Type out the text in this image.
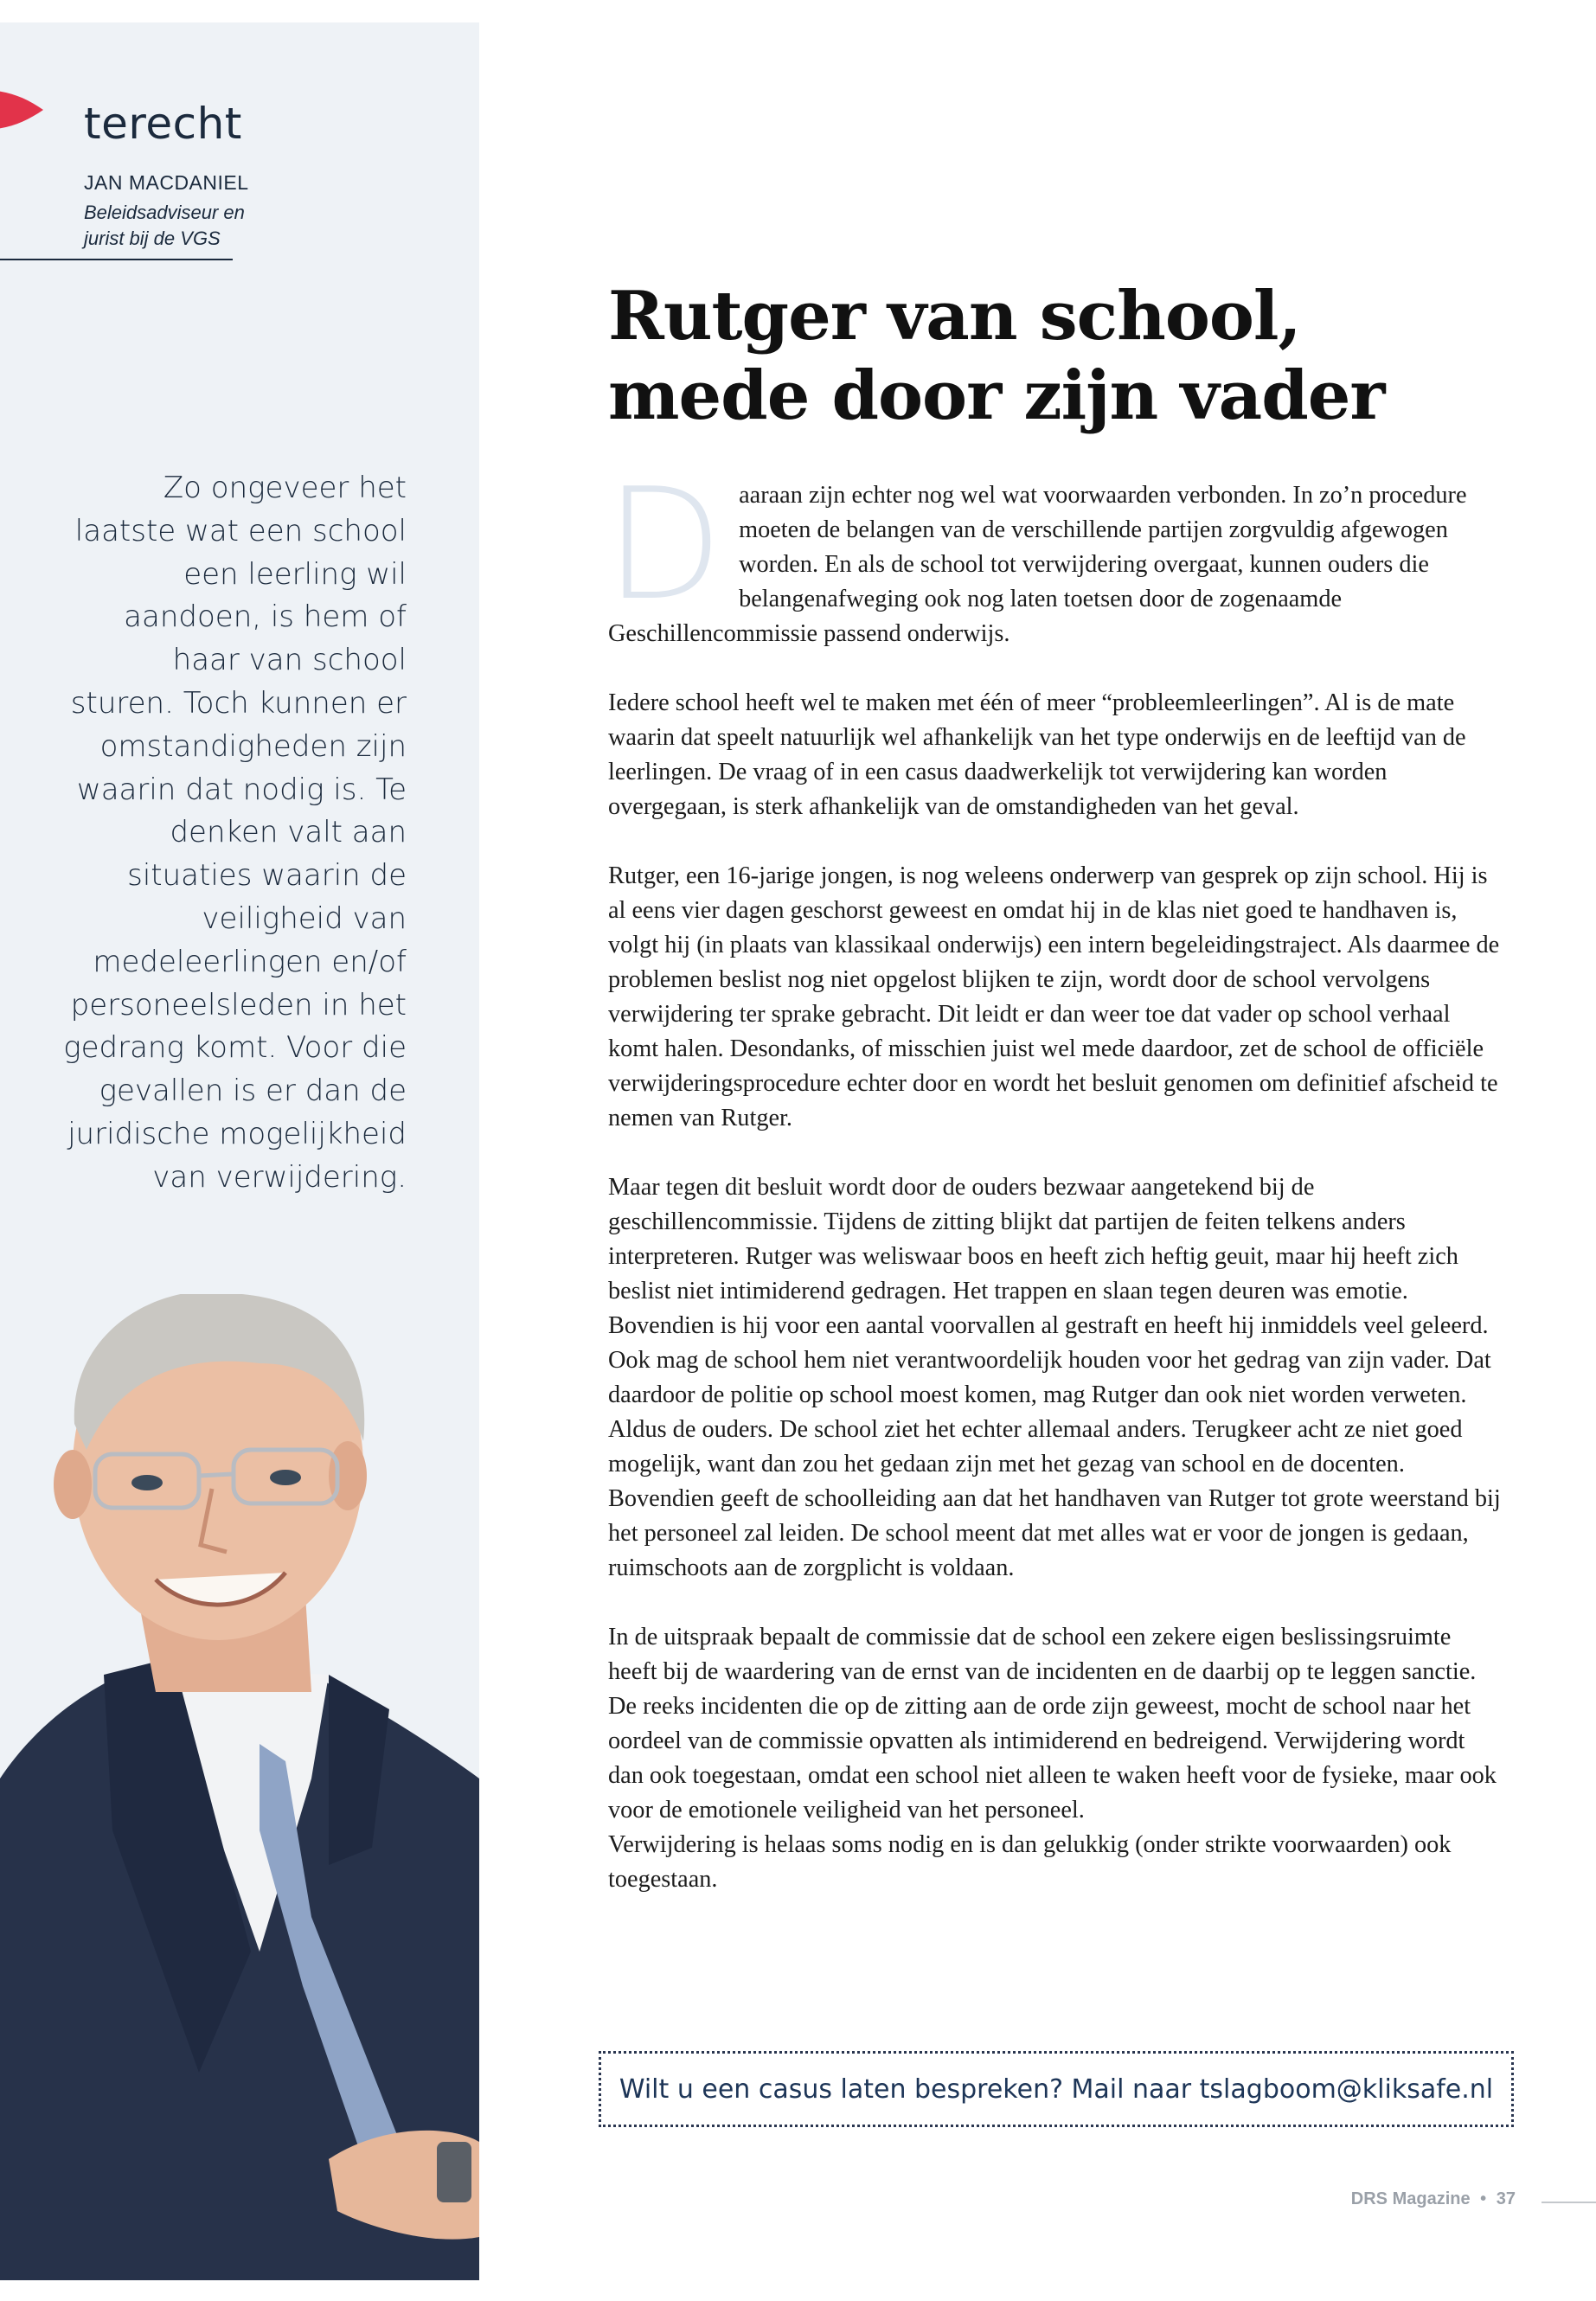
terecht
JAN MACDANIEL
Beleidsadviseur en jurist bij de VGS
Zo ongeveer het laatste wat een school een leerling wil aandoen, is hem of haar van school sturen. Toch kunnen er omstandigheden zijn waarin dat nodig is. Te denken valt aan situaties waarin de veiligheid van medeleerlingen en/of personeelsleden in het gedrang komt. Voor die gevallen is er dan de juridische mogelijkheid van verwijdering.
Rutger van school,
mede door zijn vader

Daaraan zijn echter nog wel wat voorwaarden verbonden. In zo’n procedure moeten de belangen van de verschillende partijen zorgvuldig afgewogen worden. En als de school tot verwijdering overgaat, kunnen ouders die belangenafweging ook nog laten toetsen door de zogenaamde Geschillencommissie passend onderwijs.

Iedere school heeft wel te maken met één of meer “probleemleerlingen”. Al is de mate waarin dat speelt natuurlijk wel afhankelijk van het type onderwijs en de leeftijd van de leerlingen. De vraag of in een casus daadwerkelijk tot verwijdering kan worden overgegaan, is sterk afhankelijk van de omstandigheden van het geval.

Rutger, een 16-jarige jongen, is nog weleens onderwerp van gesprek op zijn school. Hij is al eens vier dagen geschorst geweest en omdat hij in de klas niet goed te handhaven is, volgt hij (in plaats van klassikaal onderwijs) een intern begeleidingstraject. Als daarmee de problemen beslist nog niet opgelost blijken te zijn, wordt door de school vervolgens verwijdering ter sprake gebracht. Dit leidt er dan weer toe dat vader op school verhaal komt halen. Desondanks, of misschien juist wel mede daardoor, zet de school de officiële verwijderingsprocedure echter door en wordt het besluit genomen om definitief afscheid te nemen van Rutger.

Maar tegen dit besluit wordt door de ouders bezwaar aangetekend bij de geschillencommissie. Tijdens de zitting blijkt dat partijen de feiten telkens anders interpreteren. Rutger was weliswaar boos en heeft zich heftig geuit, maar hij heeft zich beslist niet intimiderend gedragen. Het trappen en slaan tegen deuren was emotie. Bovendien is hij voor een aantal voorvallen al gestraft en heeft hij inmiddels veel geleerd. Ook mag de school hem niet verantwoordelijk houden voor het gedrag van zijn vader. Dat daardoor de politie op school moest komen, mag Rutger dan ook niet worden verweten. Aldus de ouders. De school ziet het echter allemaal anders. Terugkeer acht ze niet goed mogelijk, want dan zou het gedaan zijn met het gezag van school en de docenten. Bovendien geeft de schoolleiding aan dat het handhaven van Rutger tot grote weerstand bij het personeel zal leiden. De school meent dat met alles wat er voor de jongen is gedaan, ruimschoots aan de zorgplicht is voldaan.

In de uitspraak bepaalt de commissie dat de school een zekere eigen beslissingsruimte heeft bij de waardering van de ernst van de incidenten en de daarbij op te leggen sanctie. De reeks incidenten die op de zitting aan de orde zijn geweest, mocht de school naar het oordeel van de commissie opvatten als intimiderend en bedreigend. Verwijdering wordt dan ook toegestaan, omdat een school niet alleen te waken heeft voor de fysieke, maar ook voor de emotionele veiligheid van het personeel.

Verwijdering is helaas soms nodig en is dan gelukkig (onder strikte voorwaarden) ook toegestaan.

Wilt u een casus laten bespreken? Mail naar tslagboom@kliksafe.nl
DRS Magazine • 37
